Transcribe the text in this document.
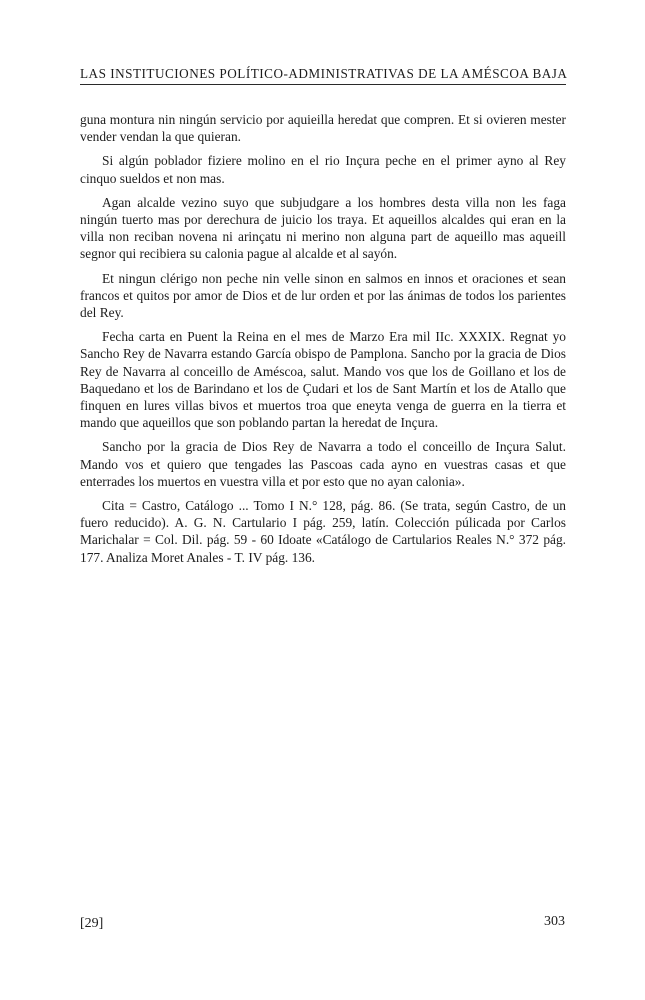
LAS INSTITUCIONES POLÍTICO-ADMINISTRATIVAS DE LA AMÉSCOA BAJA

guna montura nin ningún servicio por aquieilla heredat que compren. Et si ovieren mester vender vendan la que quieran.

Si algún poblador fiziere molino en el rio Inçura peche en el primer ayno al Rey cinquo sueldos et non mas.

Agan alcalde vezino suyo que subjudgare a los hombres desta villa non les faga ningún tuerto mas por derechura de juicio los traya. Et aqueillos alcaldes qui eran en la villa non reciban novena ni arinçatu ni merino non alguna part de aqueillo mas aqueill segnor qui recibiera su calonia pague al alcalde et al sayón.

Et ningun clérigo non peche nin velle sinon en salmos en innos et oraciones et sean francos et quitos por amor de Dios et de lur orden et por las ánimas de todos los parientes del Rey.

Fecha carta en Puent la Reina en el mes de Marzo Era mil IIc. XXXIX. Regnat yo Sancho Rey de Navarra estando García obispo de Pamplona. Sancho por la gracia de Dios Rey de Navarra al conceillo de Améscoa, salut. Mando vos que los de Goillano et los de Baquedano et los de Barindano et los de Çudari et los de Sant Martín et los de Atallo que finquen en lures villas bivos et muertos troa que eneyta venga de guerra en la tierra et mando que aqueillos que son poblando partan la heredat de Inçura.

Sancho por la gracia de Dios Rey de Navarra a todo el conceillo de Inçura Salut. Mando vos et quiero que tengades las Pascoas cada ayno en vuestras casas et que enterrades los muertos en vuestra villa et por esto que no ayan calonia».

Cita = Castro, Catálogo ... Tomo I N.° 128, pág. 86. (Se trata, según Castro, de un fuero reducido). A. G. N. Cartulario I pág. 259, latín. Colección púlicada por Carlos Marichalar = Col. Dil. pág. 59 - 60 Idoate «Catálogo de Cartularios Reales N.° 372 pág. 177. Analiza Moret Anales - T. IV pág. 136.

[29]	303
